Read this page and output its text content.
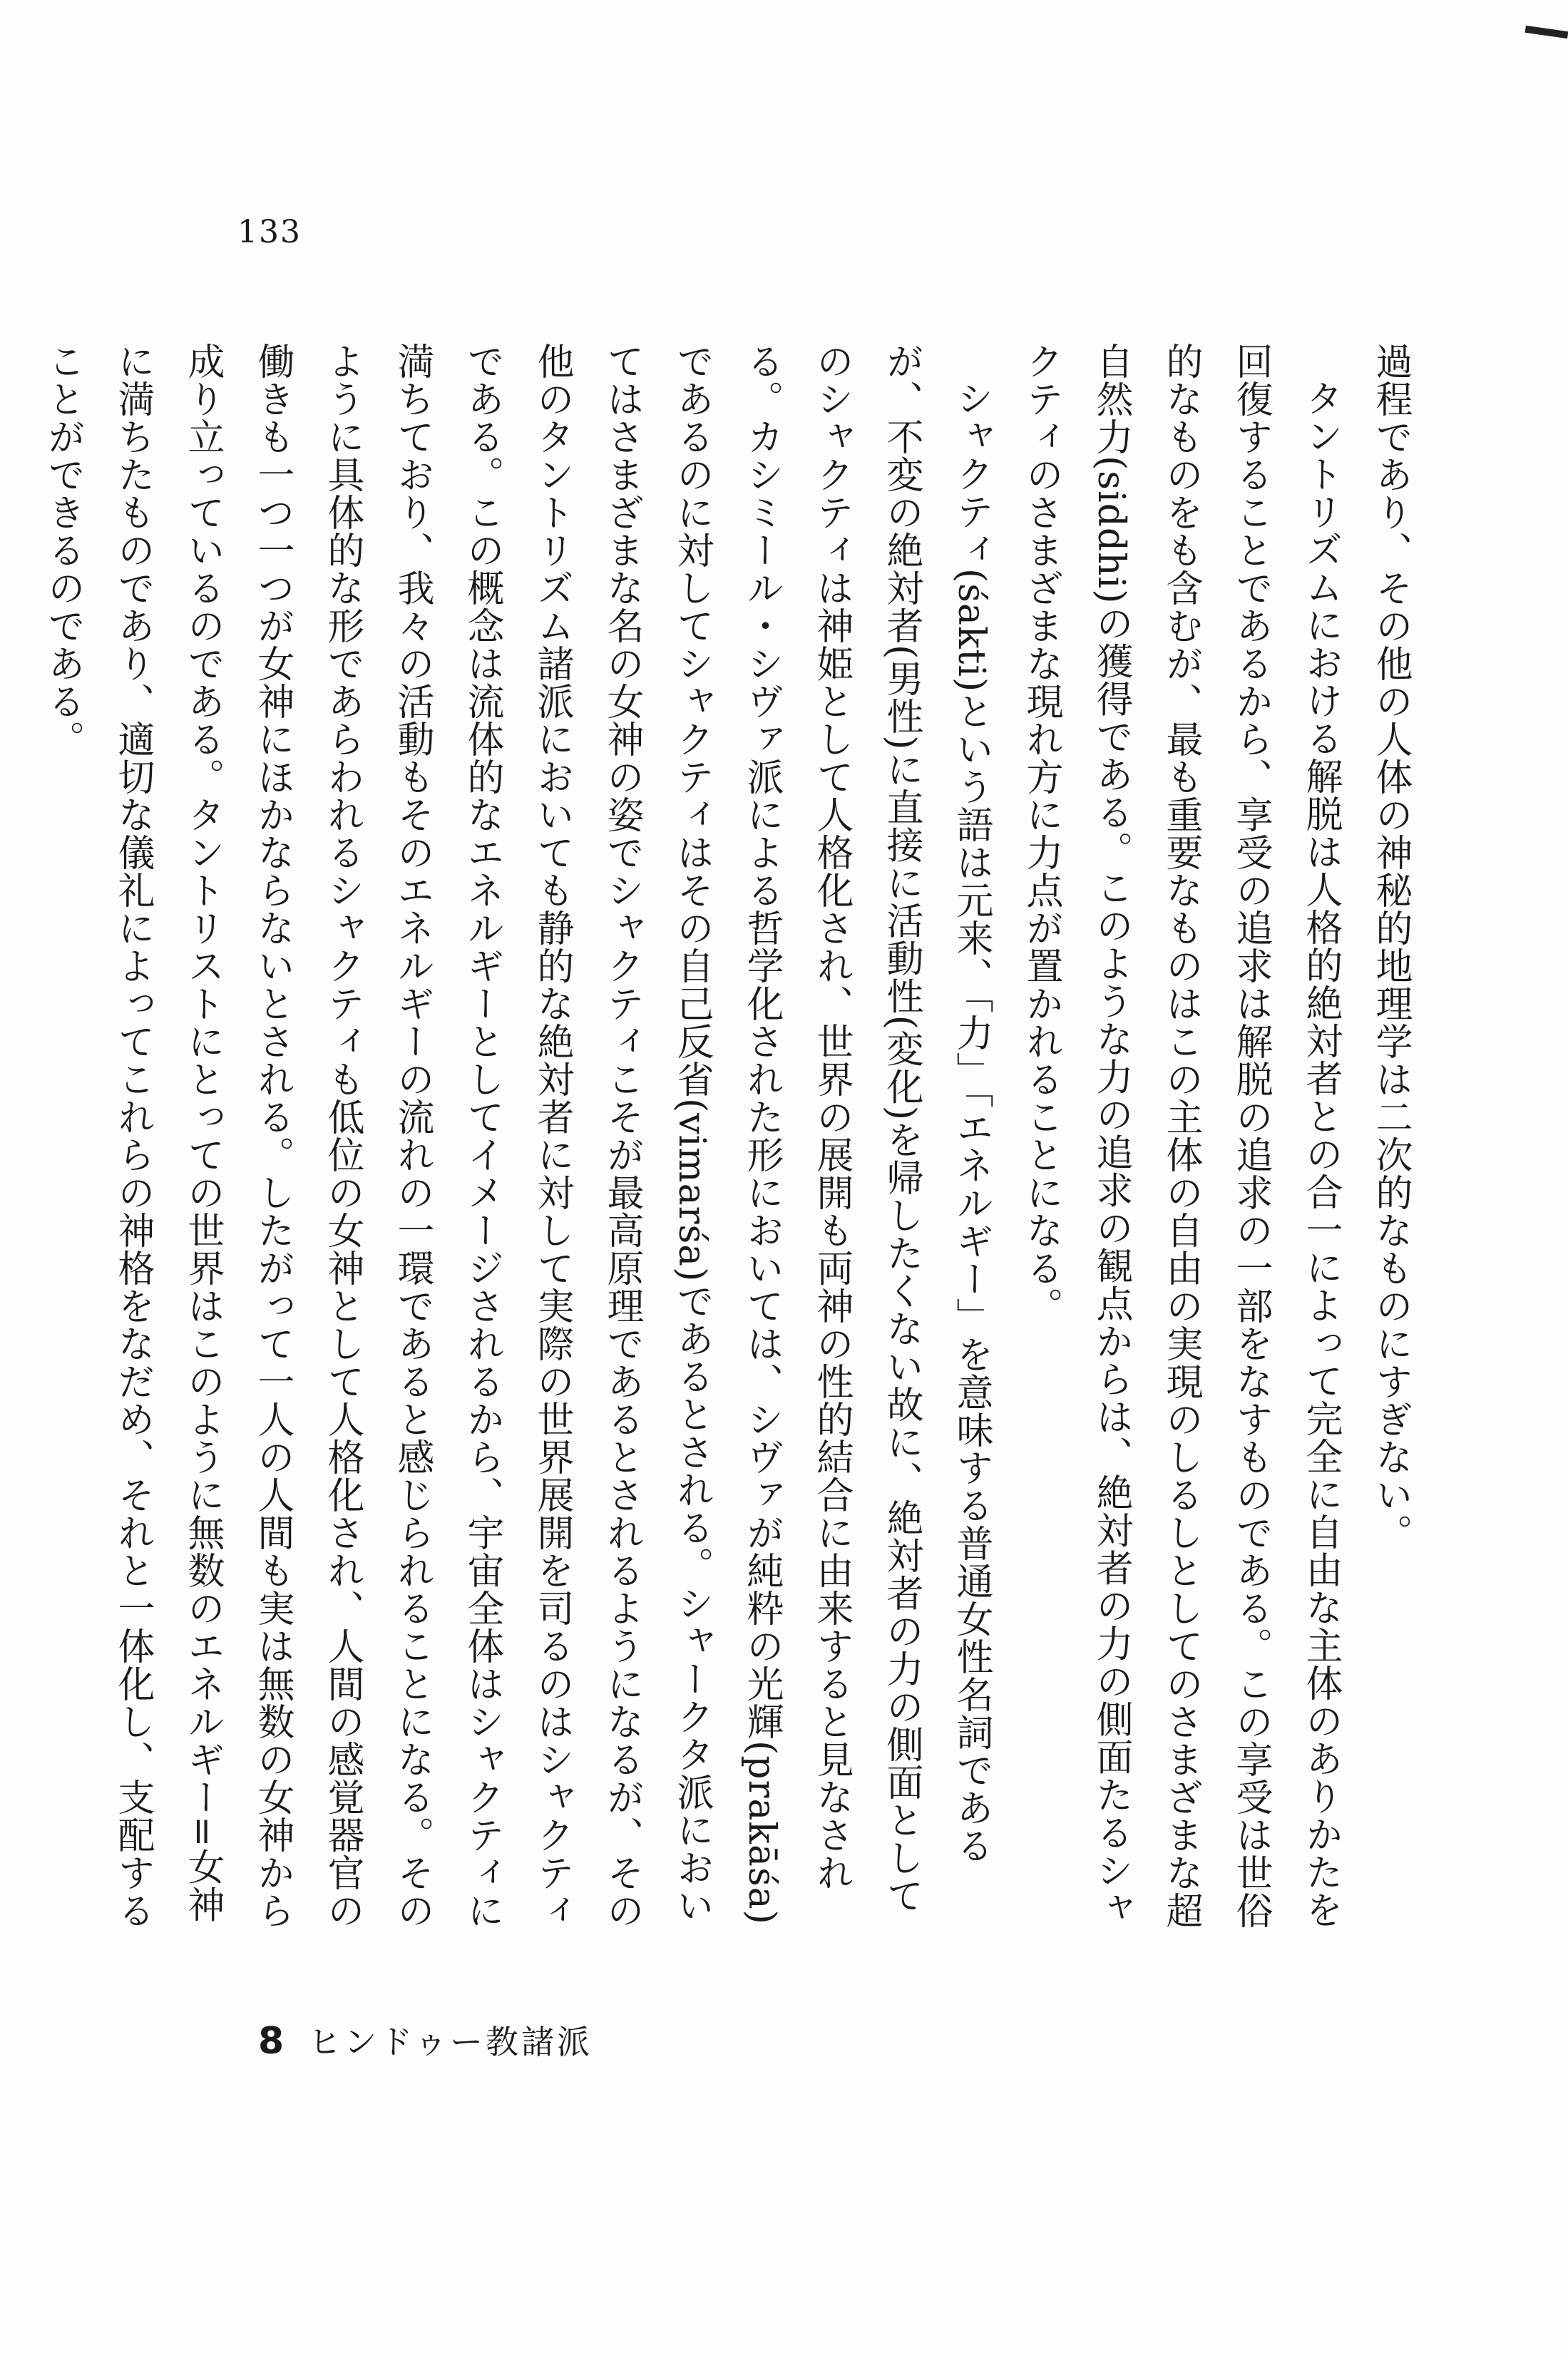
133

過程であり、その他の人体の神秘的地理学は二次的なものにすぎない。

タントリズムにおける解脱は人格的絶対者との合一によって完全に自由な主体のありかたを回復することであるから、享受の追求は解脱の追求の一部をなすものである。この享受は世俗的なものをも含むが、最も重要なものはこの主体の自由の実現のしるしとしてのさまざまな超自然力(siddhi)の獲得である。このような力の追求の観点からは、絶対者の力の側面たるシャクティのさまざまな現れ方に力点が置かれることになる。

シャクティ(śakti)という語は元来、「力」「エネルギー」を意味する普通女性名詞であるが、不変の絶対者(男性)に直接に活動性(変化)を帰したくない故に、絶対者の力の側面としてのシャクティは神姫として人格化され、世界の展開も両神の性的結合に由来すると見なされる。カシミール・シヴァ派による哲学化された形においては、シヴァが純粋の光輝(prakāśa)であるのに対してシャクティはその自己反省(vimarśa)であるとされる。シャークタ派においてはさまざまな名の女神の姿でシャクティこそが最高原理であるとされるようになるが、その他のタントリズム諸派においても静的な絶対者に対して実際の世界展開を司るのはシャクティである。この概念は流体的なエネルギーとしてイメージされるから、宇宙全体はシャクティに満ちており、我々の活動もそのエネルギーの流れの一環であると感じられることになる。そのように具体的な形であらわれるシャクティも低位の女神として人格化され、人間の感覚器官の働きも一つ一つが女神にほかならないとされる。したがって一人の人間も実は無数の女神から成り立っているのである。タントリストにとっての世界はこのように無数のエネルギー=女神に満ちたものであり、適切な儀礼によってこれらの神格をなだめ、それと一体化し、支配することができるのである。

8 ヒンドゥー教諸派
